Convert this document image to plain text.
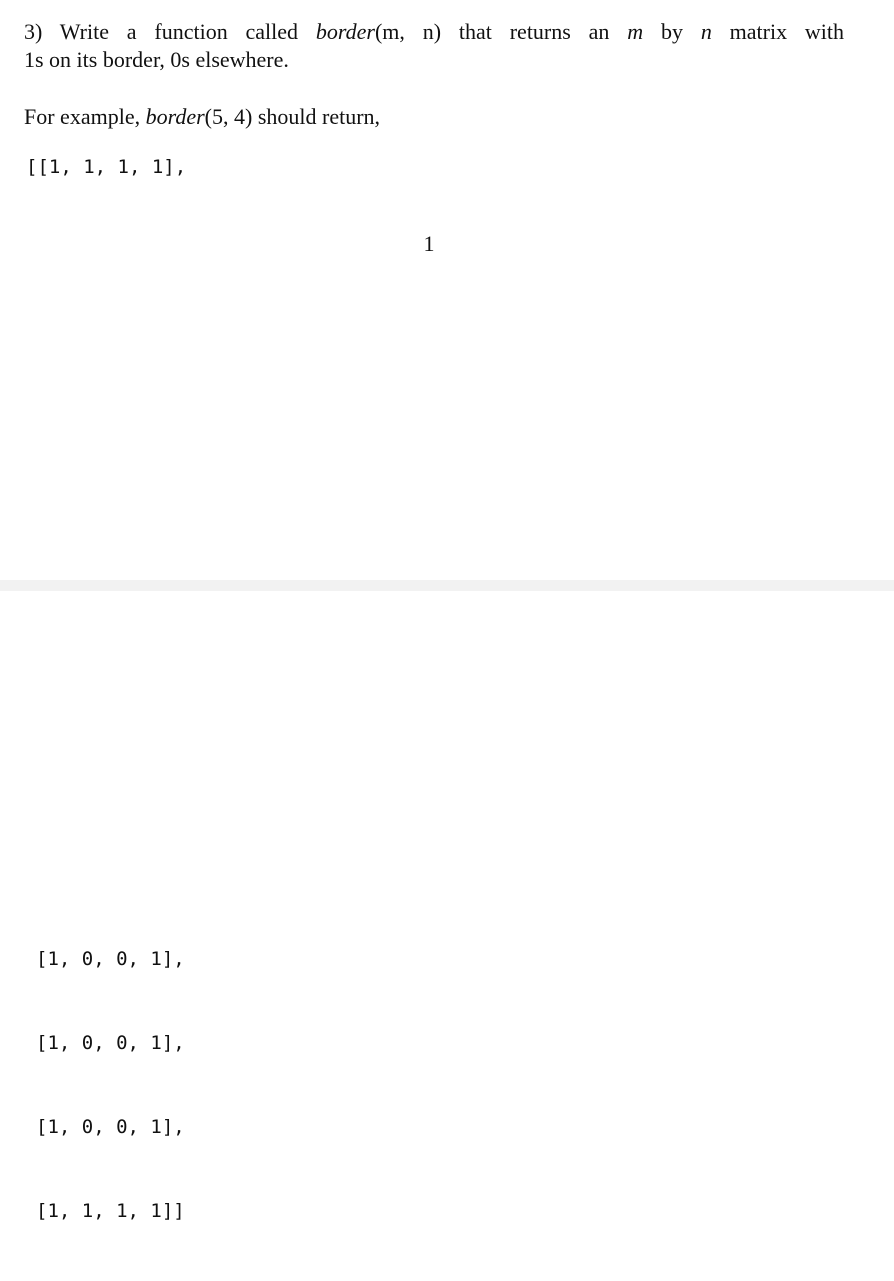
3) Write a function called border(m, n) that returns an m by n matrix with

1s on its border, 0s elsewhere.

For example, border(5, 4) should return,

[[1, 1, 1, 1],
1

[1, 0, 0, 1],

[1, 0, 0, 1],

[1, 0, 0, 1],

[1, 1, 1, 1]]
